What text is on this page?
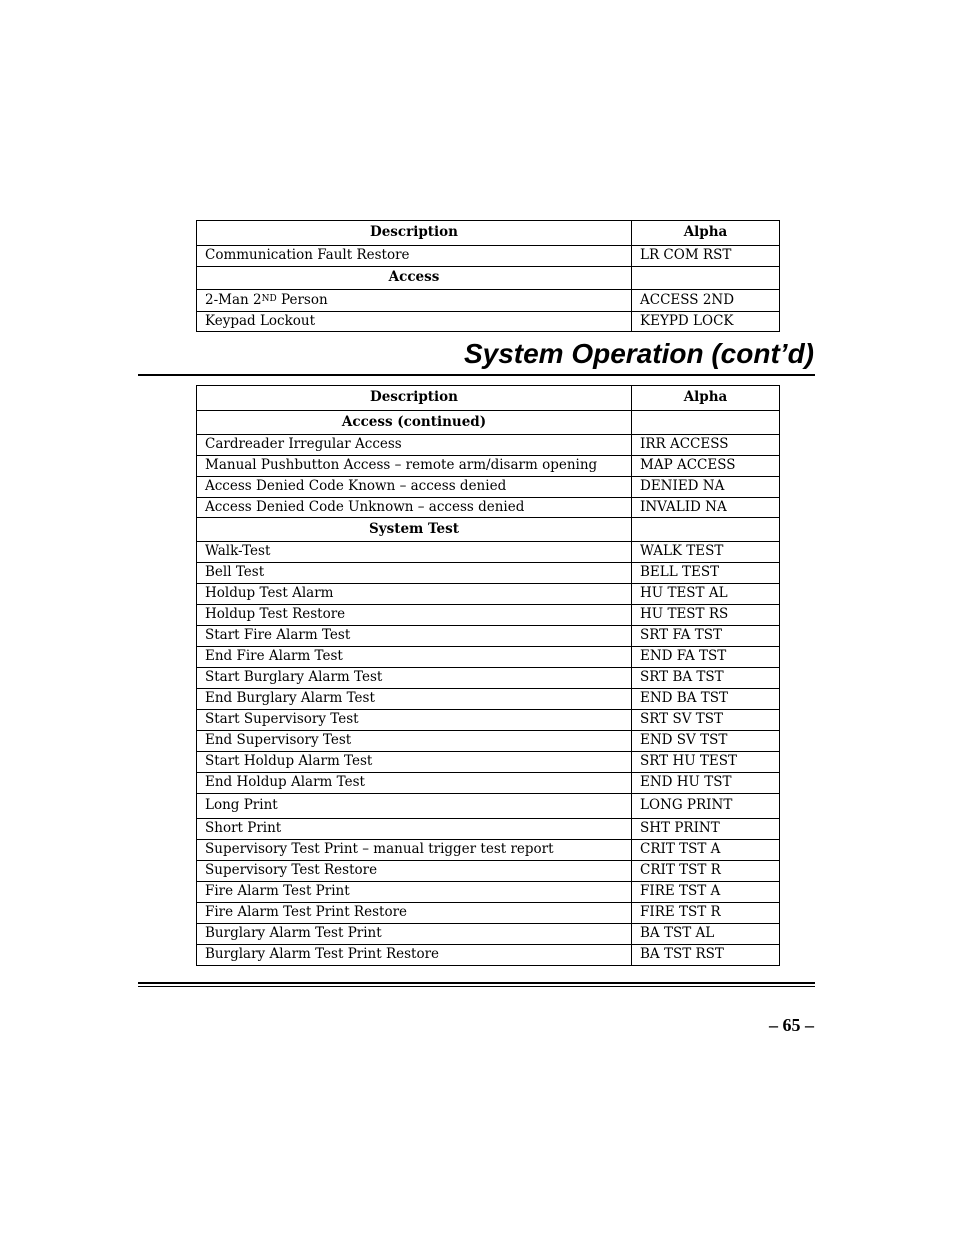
Description	Alpha
Communication Fault Restore	LR COM RST
Access	
2-Man 2ND Person	ACCESS 2ND
Keypad Lockout	KEYPD LOCK
System Operation (cont’d)
Description	Alpha
Access (continued)	
Cardreader Irregular Access	IRR ACCESS
Manual Pushbutton Access – remote arm/disarm opening	MAP ACCESS
Access Denied Code Known – access denied	DENIED NA
Access Denied Code Unknown – access denied	INVALID NA
System Test	
Walk-Test	WALK TEST
Bell Test	BELL TEST
Holdup Test Alarm	HU TEST AL
Holdup Test Restore	HU TEST RS
Start Fire Alarm Test	SRT FA TST
End Fire Alarm Test	END FA TST
Start Burglary Alarm Test	SRT BA TST
End Burglary Alarm Test	END BA TST
Start Supervisory Test	SRT SV TST
End Supervisory Test	END SV TST
Start Holdup Alarm Test	SRT HU TEST
End Holdup Alarm Test	END HU TST
Long Print	LONG PRINT
Short Print	SHT PRINT
Supervisory Test Print – manual trigger test report	CRIT TST A
Supervisory Test Restore	CRIT TST R
Fire Alarm Test Print	FIRE TST A
Fire Alarm Test Print Restore	FIRE TST R
Burglary Alarm Test Print	BA TST AL
Burglary Alarm Test Print Restore	BA TST RST
– 65 –
